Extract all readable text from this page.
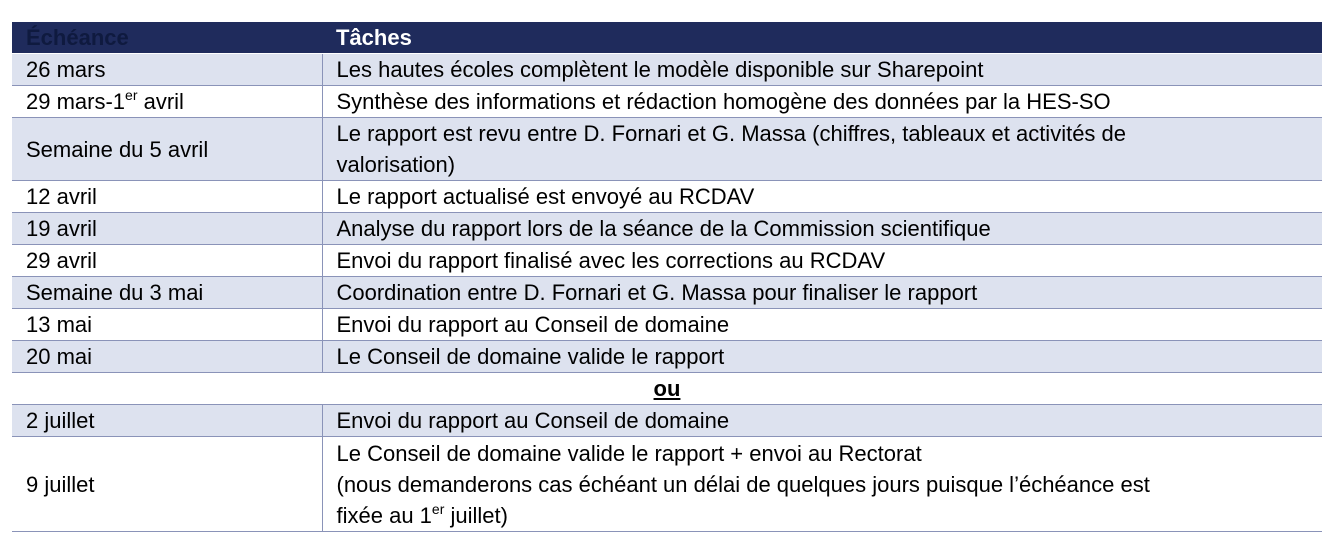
Échéance	Tâches
26 mars	Les hautes écoles complètent le modèle disponible sur Sharepoint
29 mars-1er avril	Synthèse des informations et rédaction homogène des données par la HES-SO
Semaine du 5 avril	Le rapport est revu entre D. Fornari et G. Massa (chiffres, tableaux et activités de
valorisation)

12 avril	Le rapport actualisé est envoyé au RCDAV
19 avril	Analyse du rapport lors de la séance de la Commission scientifique
29 avril	Envoi du rapport finalisé avec les corrections au RCDAV
Semaine du 3 mai	Coordination entre D. Fornari et G. Massa pour finaliser le rapport
13 mai	Envoi du rapport au Conseil de domaine
20 mai	Le Conseil de domaine valide le rapport
ou	
2 juillet	Envoi du rapport au Conseil de domaine
9 juillet	Le Conseil de domaine valide le rapport + envoi au Rectorat
(nous demanderons cas échéant un délai de quelques jours puisque l’échéance est
fixée au 1er juillet)
